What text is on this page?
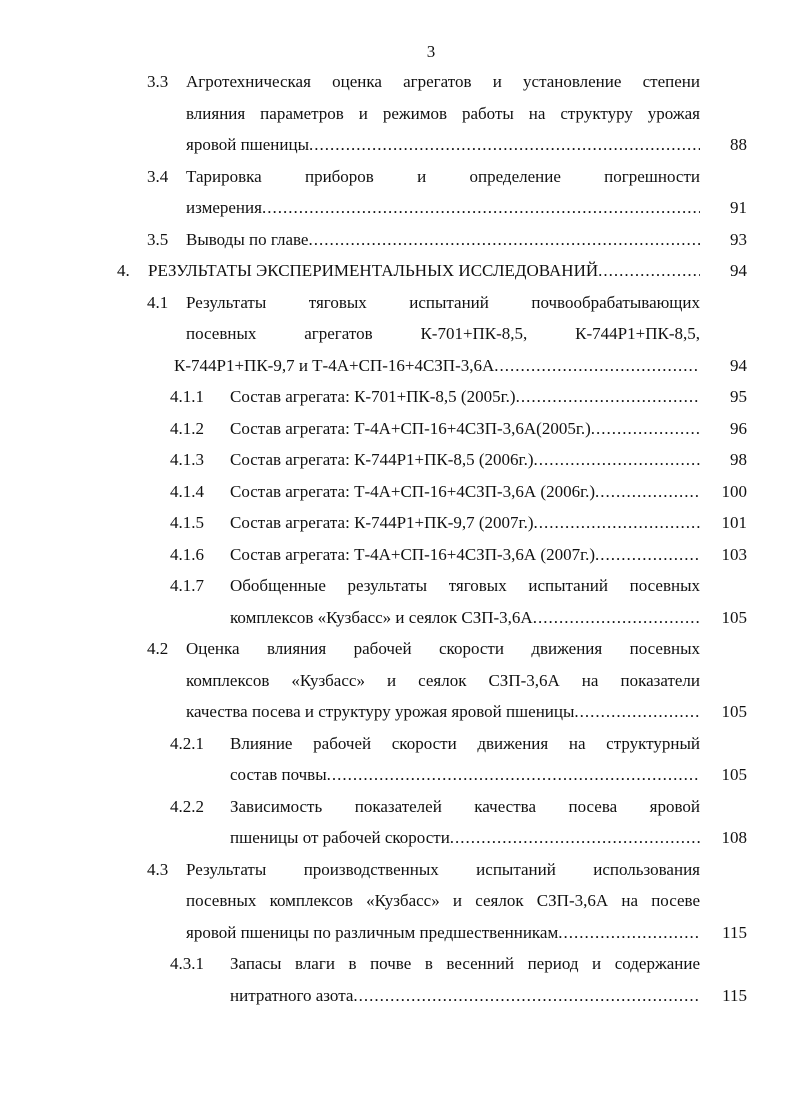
3
3.3 Агротехническая оценка агрегатов и установление степени
влияния параметров и режимов работы на структуру урожая
яровой пшеницы .....	88
3.4 Тарировка приборов и определение погрешности
измерения .....	91
3.5 Выводы по главе .....	93
4. РЕЗУЛЬТАТЫ ЭКСПЕРИМЕНТАЛЬНЫХ ИССЛЕДОВАНИЙ .....	94
4.1 Результаты тяговых испытаний почвообрабатывающих
посевных агрегатов К-701+ПК-8,5, К-744Р1+ПК-8,5,
К-744Р1+ПК-9,7 и Т-4А+СП-16+4СЗП-3,6А .....	94
4.1.1 Состав агрегата: К-701+ПК-8,5 (2005г.) .....	95
4.1.2 Состав агрегата: Т-4А+СП-16+4СЗП-3,6А(2005г.) .....	96
4.1.3 Состав агрегата: К-744Р1+ПК-8,5 (2006г.) .....	98
4.1.4 Состав агрегата: Т-4А+СП-16+4СЗП-3,6А (2006г.) .....	100
4.1.5 Состав агрегата: К-744Р1+ПК-9,7 (2007г.) .....	101
4.1.6 Состав агрегата: Т-4А+СП-16+4СЗП-3,6А (2007г.) .....	103
4.1.7 Обобщенные результаты тяговых испытаний посевных
комплексов «Кузбасс» и сеялок СЗП-3,6А .....	105
4.2 Оценка влияния рабочей скорости движения посевных
комплексов «Кузбасс» и сеялок СЗП-3,6А на показатели
качества посева и структуру урожая яровой пшеницы .....	105
4.2.1 Влияние рабочей скорости движения на структурный
состав почвы .....	105
4.2.2 Зависимость показателей качества посева яровой
пшеницы от рабочей скорости .....	108
4.3 Результаты производственных испытаний использования
посевных комплексов «Кузбасс» и сеялок СЗП-3,6А на посеве
яровой пшеницы по различным предшественникам .....	115
4.3.1 Запасы влаги в почве в весенний период и содержание
нитратного азота .....	115
